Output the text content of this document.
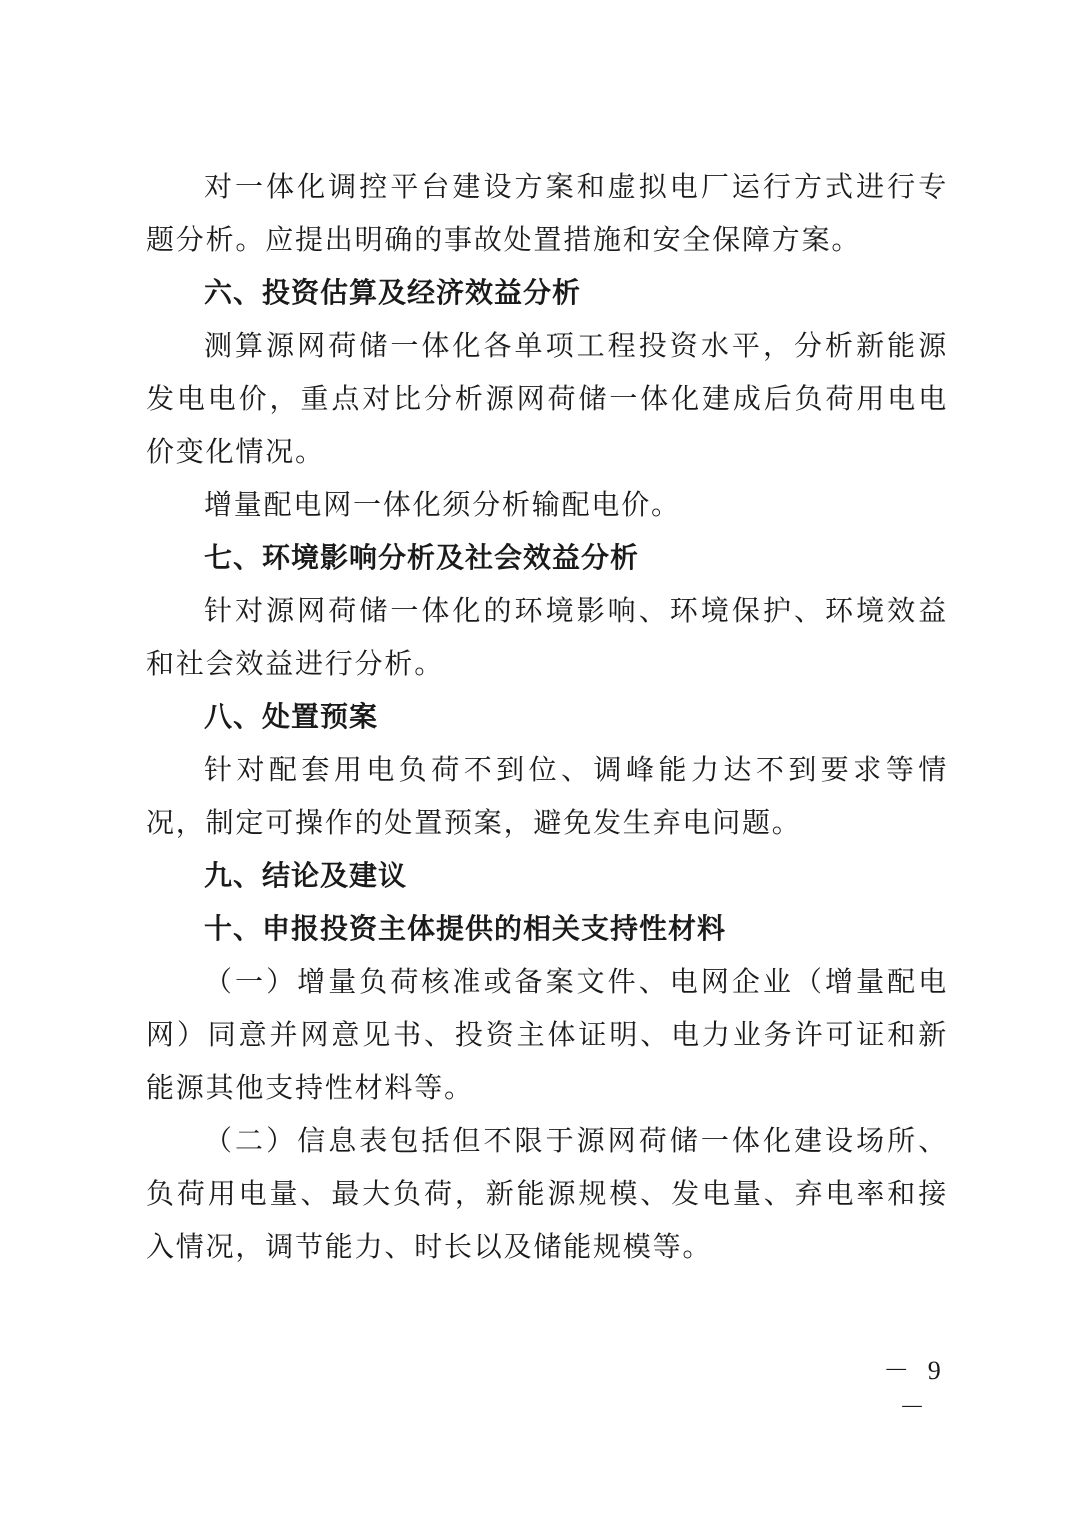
对一体化调控平台建设方案和虚拟电厂运行方式进行专题分析。应提出明确的事故处置措施和安全保障方案。

六、投资估算及经济效益分析

测算源网荷储一体化各单项工程投资水平，分析新能源发电电价，重点对比分析源网荷储一体化建成后负荷用电电价变化情况。

增量配电网一体化须分析输配电价。

七、环境影响分析及社会效益分析

针对源网荷储一体化的环境影响、环境保护、环境效益和社会效益进行分析。

八、处置预案

针对配套用电负荷不到位、调峰能力达不到要求等情况，制定可操作的处置预案，避免发生弃电问题。

九、结论及建议

十、申报投资主体提供的相关支持性材料

（一）增量负荷核准或备案文件、电网企业（增量配电网）同意并网意见书、投资主体证明、电力业务许可证和新能源其他支持性材料等。

（二）信息表包括但不限于源网荷储一体化建设场所、负荷用电量、最大负荷，新能源规模、发电量、弃电率和接入情况，调节能力、时长以及储能规模等。

－ 9 －
